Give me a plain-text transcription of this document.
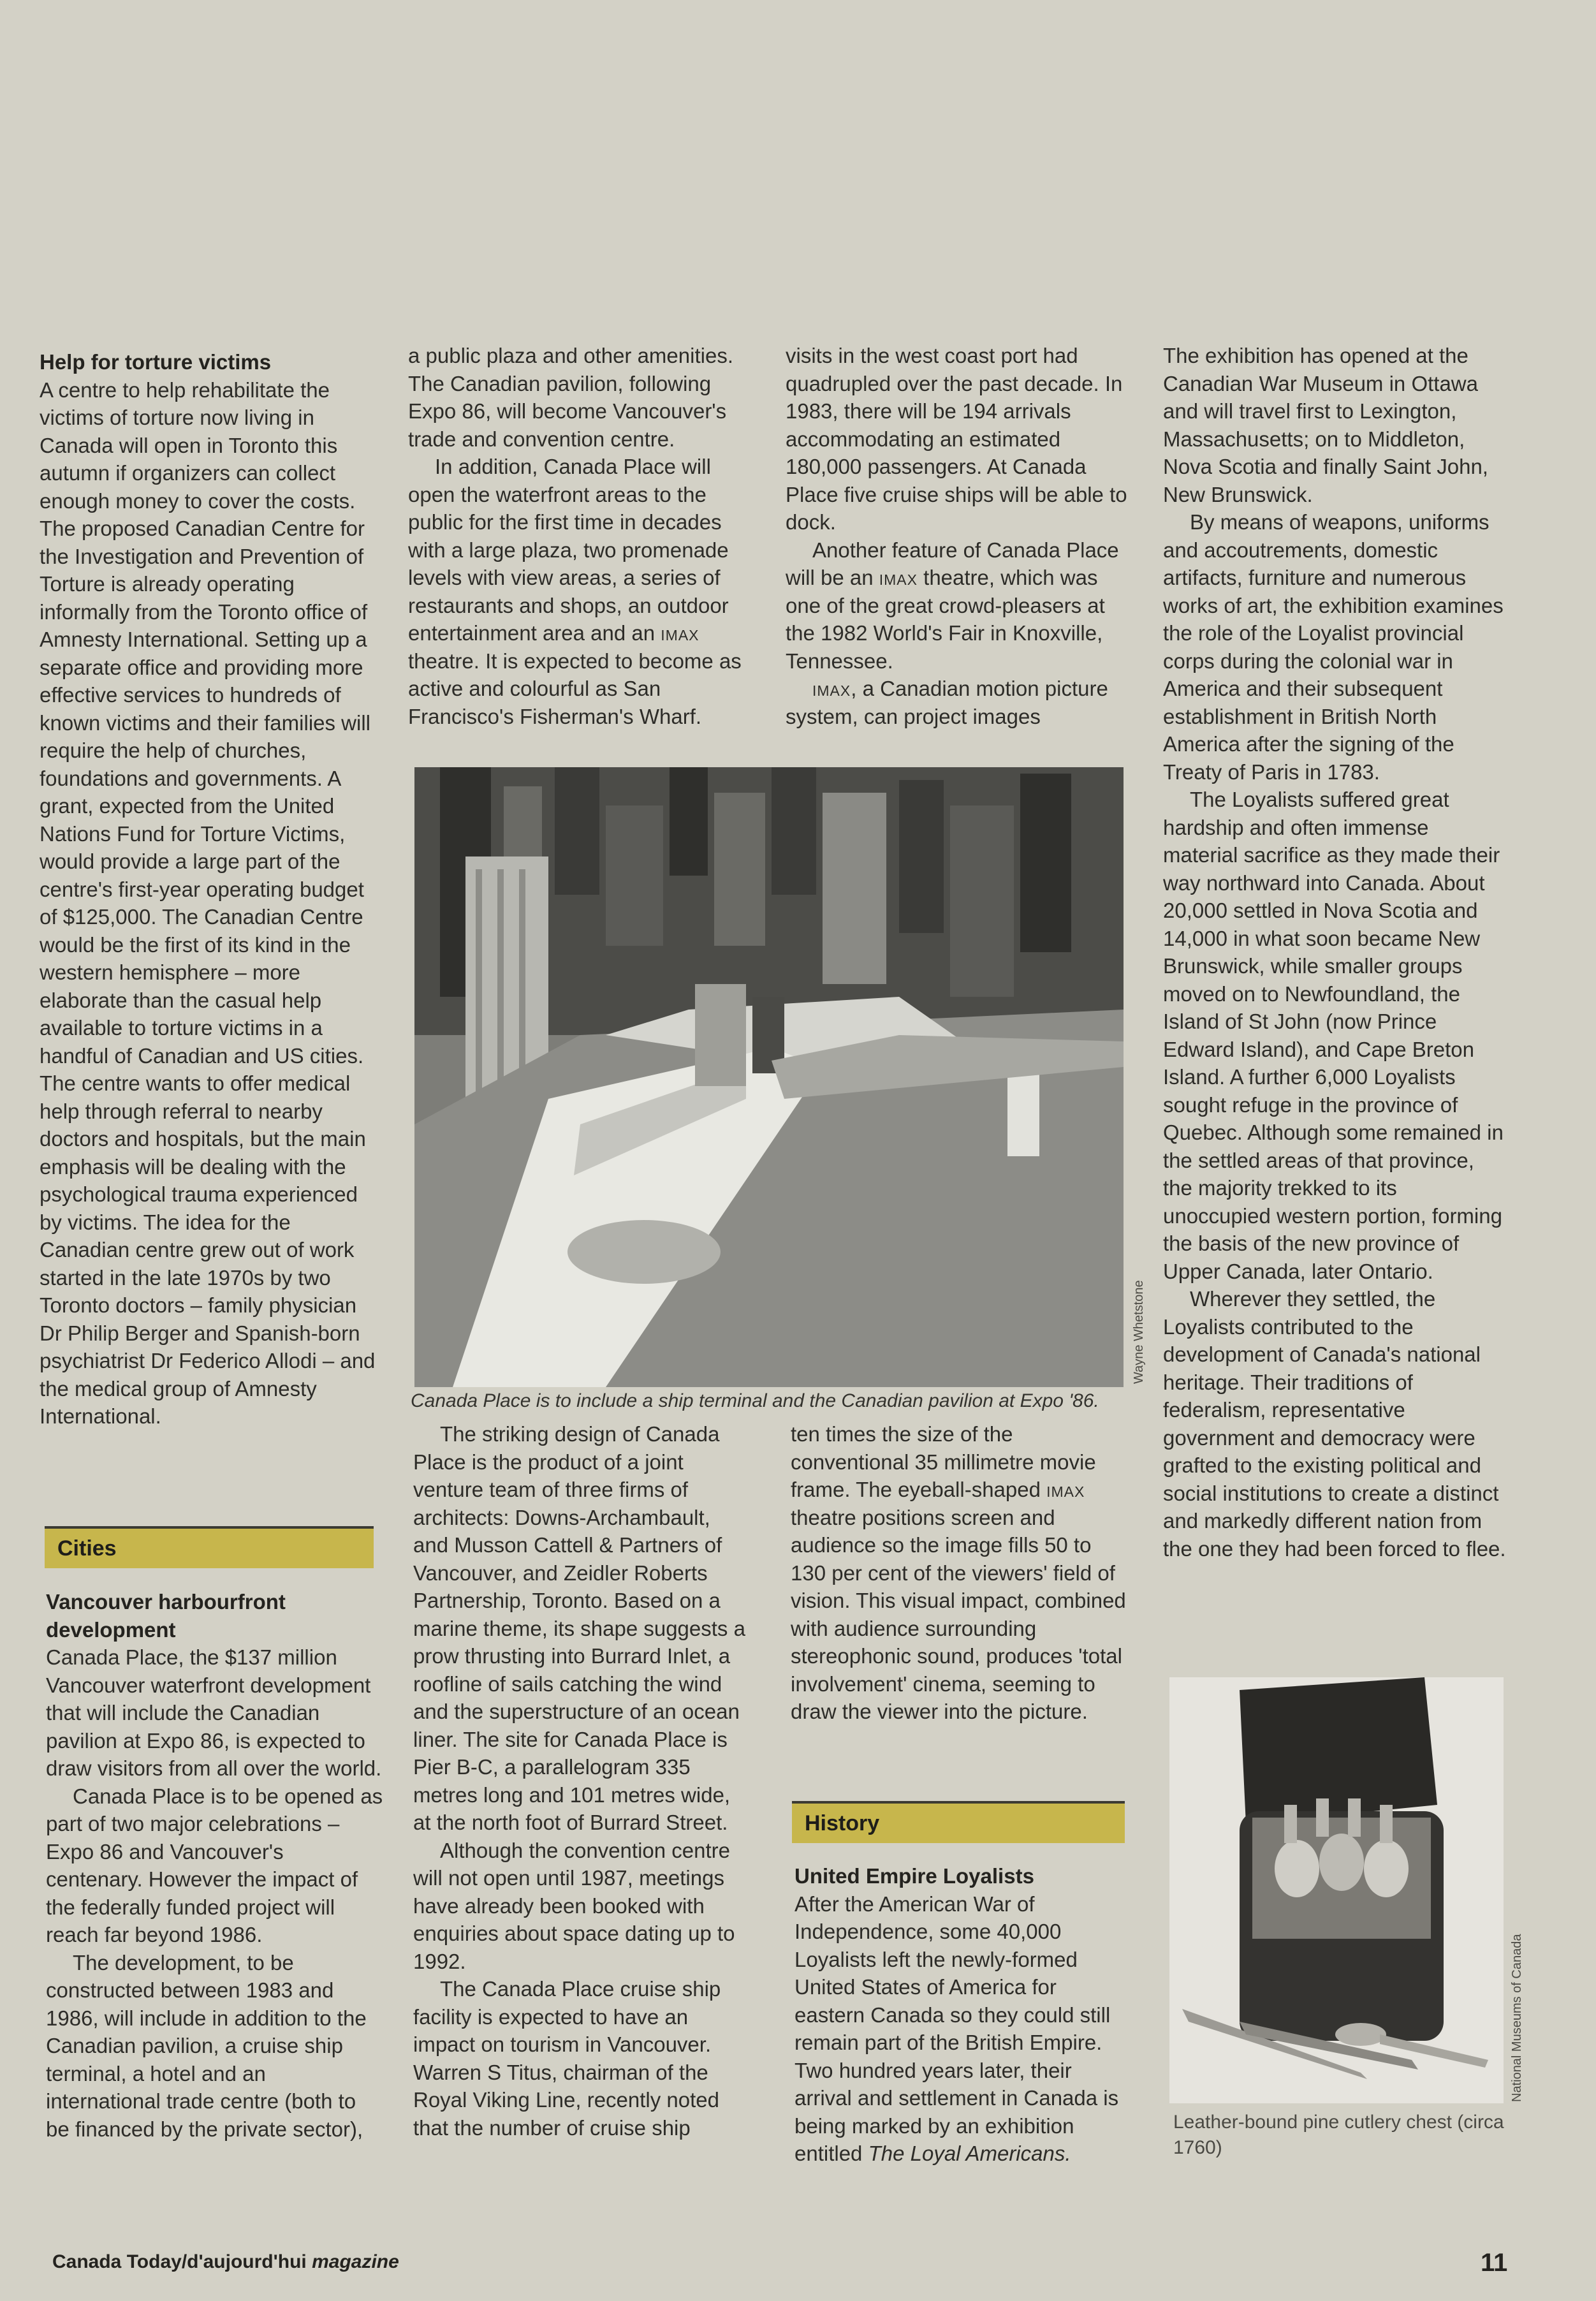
Help for torture victims

A centre to help rehabilitate the victims of torture now living in Canada will open in Toronto this autumn if organizers can collect enough money to cover the costs. The proposed Canadian Centre for the Investigation and Prevention of Torture is already operating informally from the Toronto office of Amnesty International. Setting up a separate office and providing more effective services to hundreds of known victims and their families will require the help of churches, foundations and governments. A grant, expected from the United Nations Fund for Torture Victims, would provide a large part of the centre's first-year operating budget of $125,000. The Canadian Centre would be the first of its kind in the western hemisphere – more elaborate than the casual help available to torture victims in a handful of Canadian and US cities. The centre wants to offer medical help through referral to nearby doctors and hospitals, but the main emphasis will be dealing with the psychological trauma experienced by victims. The idea for the Canadian centre grew out of work started in the late 1970s by two Toronto doctors – family physician Dr Philip Berger and Spanish-born psychiatrist Dr Federico Allodi – and the medical group of Amnesty International.

Cities
Vancouver harbourfront development

Canada Place, the $137 million Vancouver waterfront development that will include the Canadian pavilion at Expo 86, is expected to draw visitors from all over the world.

Canada Place is to be opened as part of two major celebrations – Expo 86 and Vancouver's centenary. However the impact of the federally funded project will reach far beyond 1986.

The development, to be constructed between 1983 and 1986, will include in addition to the Canadian pavilion, a cruise ship terminal, a hotel and an international trade centre (both to be financed by the private sector),

a public plaza and other amenities. The Canadian pavilion, following Expo 86, will become Vancouver's trade and convention centre.

In addition, Canada Place will open the waterfront areas to the public for the first time in decades with a large plaza, two promenade levels with view areas, a series of restaurants and shops, an outdoor entertainment area and an imax theatre. It is expected to become as active and colourful as San Francisco's Fisherman's Wharf.

The striking design of Canada Place is the product of a joint venture team of three firms of architects: Downs-Archambault, and Musson Cattell & Partners of Vancouver, and Zeidler Roberts Partnership, Toronto. Based on a marine theme, its shape suggests a prow thrusting into Burrard Inlet, a roofline of sails catching the wind and the superstructure of an ocean liner. The site for Canada Place is Pier B-C, a parallelogram 335 metres long and 101 metres wide, at the north foot of Burrard Street.

Although the convention centre will not open until 1987, meetings have already been booked with enquiries about space dating up to 1992.

The Canada Place cruise ship facility is expected to have an impact on tourism in Vancouver. Warren S Titus, chairman of the Royal Viking Line, recently noted that the number of cruise ship

visits in the west coast port had quadrupled over the past decade. In 1983, there will be 194 arrivals accommodating an estimated 180,000 passengers. At Canada Place five cruise ships will be able to dock.

Another feature of Canada Place will be an imax theatre, which was one of the great crowd-pleasers at the 1982 World's Fair in Knoxville, Tennessee.

imax, a Canadian motion picture system, can project images

ten times the size of the conventional 35 millimetre movie frame. The eyeball-shaped imax theatre positions screen and audience so the image fills 50 to 130 per cent of the viewers' field of vision. This visual impact, combined with audience surrounding stereophonic sound, produces 'total involvement' cinema, seeming to draw the viewer into the picture.

History
United Empire Loyalists

After the American War of Independence, some 40,000 Loyalists left the newly-formed United States of America for eastern Canada so they could still remain part of the British Empire. Two hundred years later, their arrival and settlement in Canada is being marked by an exhibition entitled The Loyal Americans.

The exhibition has opened at the Canadian War Museum in Ottawa and will travel first to Lexington, Massachusetts; on to Middleton, Nova Scotia and finally Saint John, New Brunswick.

By means of weapons, uniforms and accoutrements, domestic artifacts, furniture and numerous works of art, the exhibition examines the role of the Loyalist provincial corps during the colonial war in America and their subsequent establishment in British North America after the signing of the Treaty of Paris in 1783.

The Loyalists suffered great hardship and often immense material sacrifice as they made their way northward into Canada. About 20,000 settled in Nova Scotia and 14,000 in what soon became New Brunswick, while smaller groups moved on to Newfoundland, the Island of St John (now Prince Edward Island), and Cape Breton Island. A further 6,000 Loyalists sought refuge in the province of Quebec. Although some remained in the settled areas of that province, the majority trekked to its unoccupied western portion, forming the basis of the new province of Upper Canada, later Ontario.

Wherever they settled, the Loyalists contributed to the development of Canada's national heritage. Their traditions of federalism, representative government and democracy were grafted to the existing political and social institutions to create a distinct and markedly different nation from the one they had been forced to flee.

Wayne Whetstone
Canada Place is to include a ship terminal and the Canadian pavilion at Expo '86.
National Museums of Canada
Leather-bound pine cutlery chest (circa 1760)
Canada Today/d'aujourd'hui magazine	11
